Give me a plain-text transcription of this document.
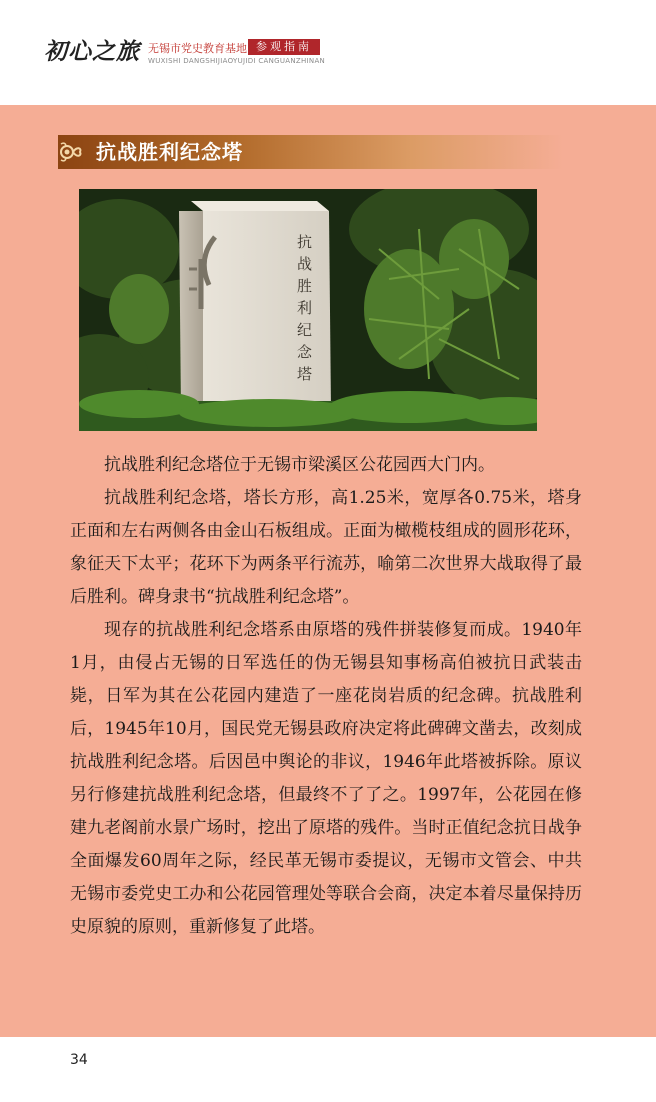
初心之旅 无锡市党史教育基地 参观指南
WUXISHI DANGSHIJIAOYUJIDI CANGUANZHINAN
抗战胜利纪念塔
抗
战
胜
利
纪
念
塔

抗战胜利纪念塔位于无锡市梁溪区公花园西大门内。

抗战胜利纪念塔，塔长方形，高1.25米，宽厚各0.75米，塔身正面和左右两侧各由金山石板组成。正面为橄榄枝组成的圆形花环，象征天下太平；花环下为两条平行流苏，喻第二次世界大战取得了最后胜利。碑身隶书“抗战胜利纪念塔”。

现存的抗战胜利纪念塔系由原塔的残件拼装修复而成。1940年1月，由侵占无锡的日军选任的伪无锡县知事杨高伯被抗日武装击毙，日军为其在公花园内建造了一座花岗岩质的纪念碑。抗战胜利后，1945年10月，国民党无锡县政府决定将此碑碑文凿去，改刻成抗战胜利纪念塔。后因邑中舆论的非议，1946年此塔被拆除。原议另行修建抗战胜利纪念塔，但最终不了了之。1997年，公花园在修建九老阁前水景广场时，挖出了原塔的残件。当时正值纪念抗日战争全面爆发60周年之际，经民革无锡市委提议，无锡市文管会、中共无锡市委党史工办和公花园管理处等联合会商，决定本着尽量保持历史原貌的原则，重新修复了此塔。

34
